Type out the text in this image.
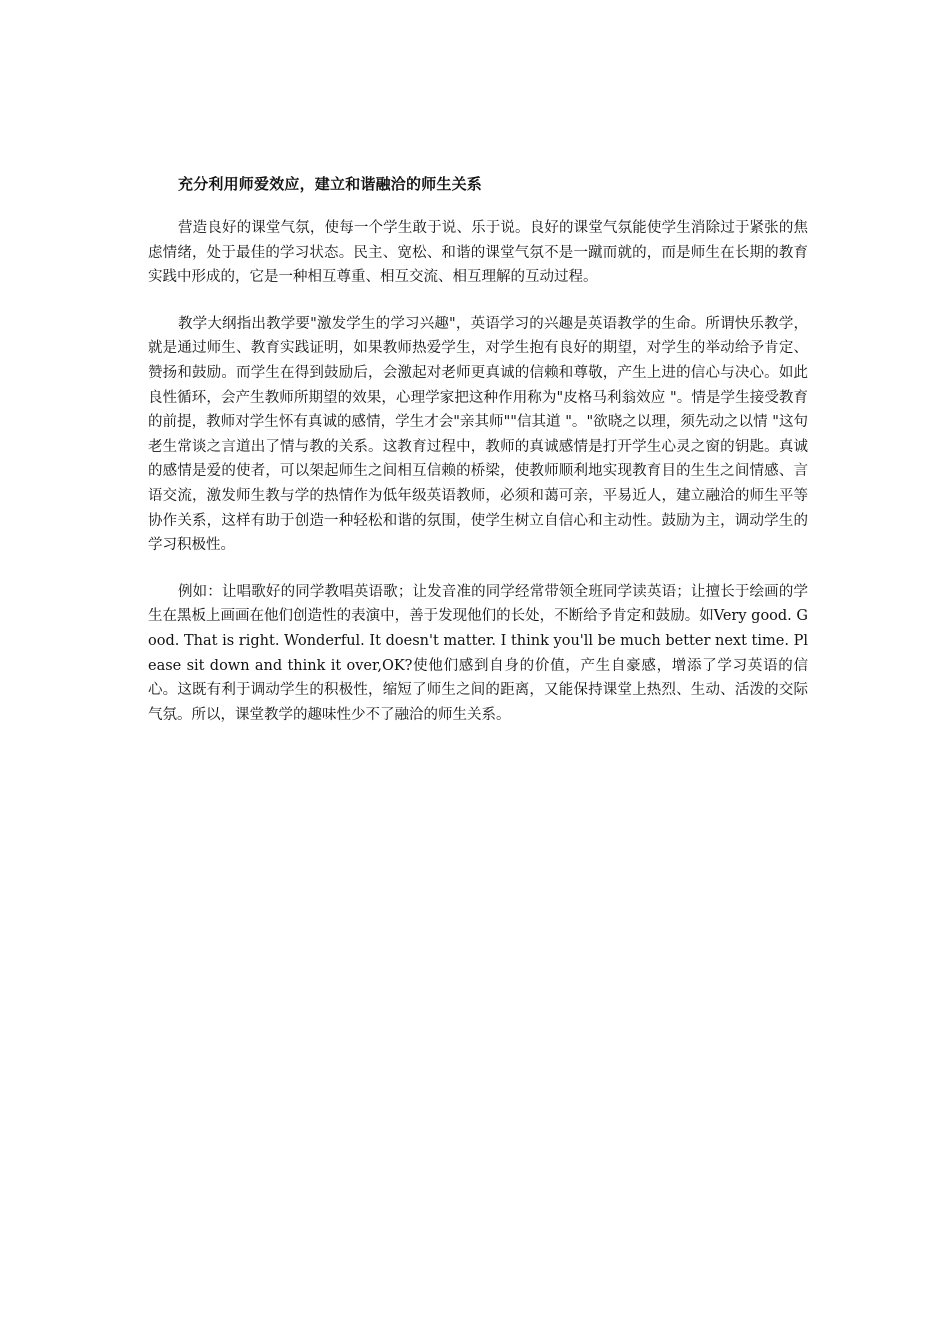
充分利用师爱效应，建立和谐融洽的师生关系

营造良好的课堂气氛，使每一个学生敢于说、乐于说。良好的课堂气氛能使学生消除过于紧张的焦虑情绪，处于最佳的学习状态。民主、宽松、和谐的课堂气氛不是一蹴而就的，而是师生在长期的教育实践中形成的，它是一种相互尊重、相互交流、相互理解的互动过程。

教学大纲指出教学要"激发学生的学习兴趣"，英语学习的兴趣是英语教学的生命。所谓快乐教学，就是通过师生、教育实践证明，如果教师热爱学生，对学生抱有良好的期望，对学生的举动给予肯定、赞扬和鼓励。而学生在得到鼓励后，会激起对老师更真诚的信赖和尊敬，产生上进的信心与决心。如此良性循环，会产生教师所期望的效果，心理学家把这种作用称为"皮格马利翁效应 "。情是学生接受教育的前提，教师对学生怀有真诚的感情，学生才会"亲其师""信其道 "。"欲晓之以理，须先动之以情 "这句老生常谈之言道出了情与教的关系。这教育过程中，教师的真诚感情是打开学生心灵之窗的钥匙。真诚的感情是爱的使者，可以架起师生之间相互信赖的桥梁，使教师顺利地实现教育目的生生之间情感、言语交流，激发师生教与学的热情作为低年级英语教师，必须和蔼可亲，平易近人，建立融洽的师生平等协作关系，这样有助于创造一种轻松和谐的氛围，使学生树立自信心和主动性。鼓励为主，调动学生的学习积极性。

例如：让唱歌好的同学教唱英语歌；让发音准的同学经常带领全班同学读英语；让擅长于绘画的学生在黑板上画画在他们创造性的表演中，善于发现他们的长处，不断给予肯定和鼓励。如Very good. Good. That is right. Wonderful. It doesn't matter. I think you'll be much better next time. Please sit down and think it over,OK?使他们感到自身的价值，产生自豪感，增添了学习英语的信心。这既有利于调动学生的积极性，缩短了师生之间的距离，又能保持课堂上热烈、生动、活泼的交际气氛。所以，课堂教学的趣味性少不了融洽的师生关系。
